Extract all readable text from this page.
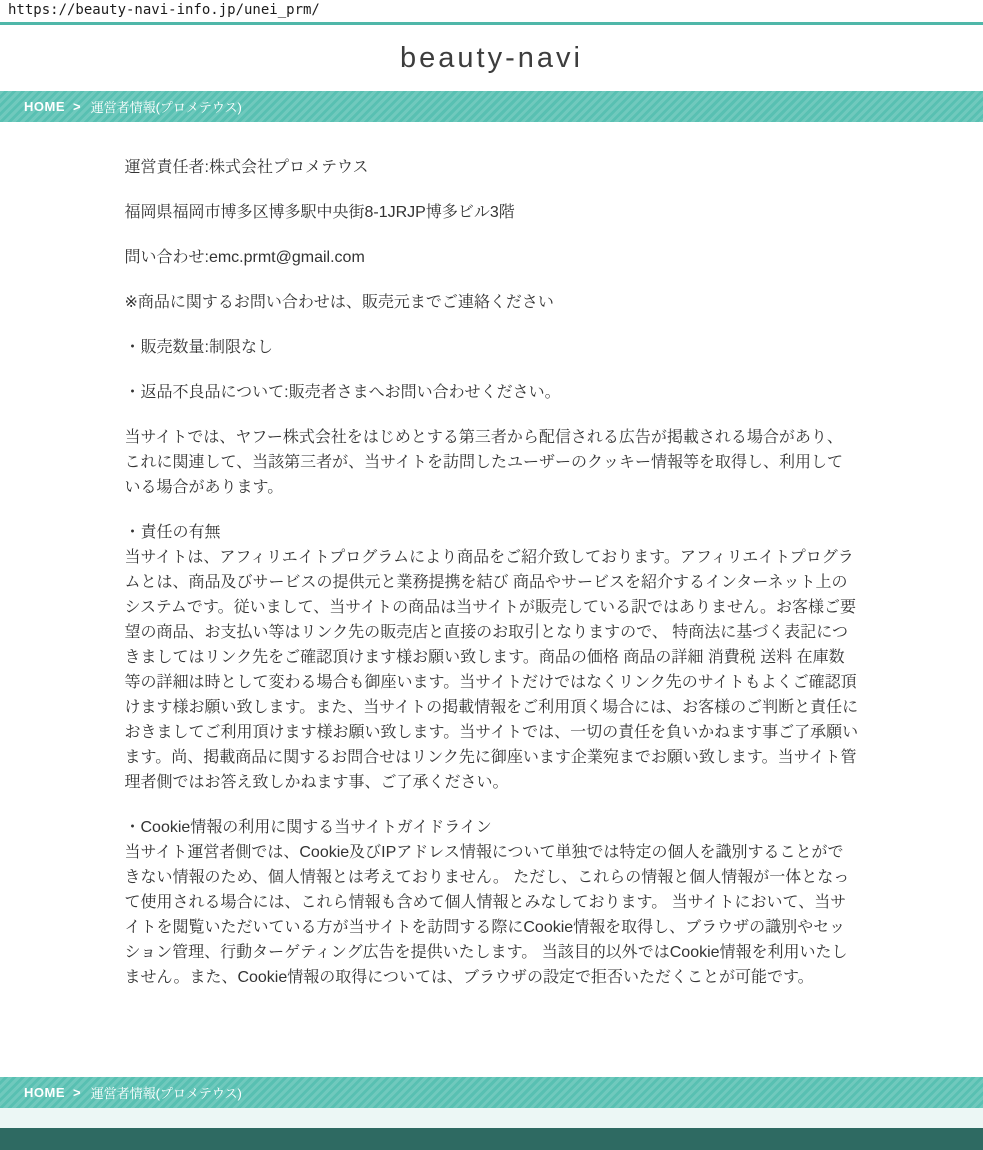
https://beauty-navi-info.jp/unei_prm/
beauty-navi
HOME > 運営者情報(プロメテウス)

運営責任者:株式会社プロメテウス

福岡県福岡市博多区博多駅中央街8-1JRJP博多ビル3階

問い合わせ:emc.prmt@gmail.com

※商品に関するお問い合わせは、販売元までご連絡ください

・販売数量:制限なし

・返品不良品について:販売者さまへお問い合わせください。

当サイトでは、ヤフー株式会社をはじめとする第三者から配信される広告が掲載される場合があり、これに関連して、当該第三者が、当サイトを訪問したユーザーのクッキー情報等を取得し、利用している場合があります。

・責任の有無
当サイトは、アフィリエイトプログラムにより商品をご紹介致しております。アフィリエイトプログラムとは、商品及びサービスの提供元と業務提携を結び 商品やサービスを紹介するインターネット上のシステムです。従いまして、当サイトの商品は当サイトが販売している訳ではありません。お客様ご要望の商品、お支払い等はリンク先の販売店と直接のお取引となりますので、 特商法に基づく表記につきましてはリンク先をご確認頂けます様お願い致します。商品の価格 商品の詳細 消費税 送料 在庫数等の詳細は時として変わる場合も御座います。当サイトだけではなくリンク先のサイトもよくご確認頂けます様お願い致します。また、当サイトの掲載情報をご利用頂く場合には、お客様のご判断と責任におきましてご利用頂けます様お願い致します。当サイトでは、一切の責任を負いかねます事ご了承願います。尚、掲載商品に関するお問合せはリンク先に御座います企業宛までお願い致します。当サイト管理者側ではお答え致しかねます事、ご了承ください。

・Cookie情報の利用に関する当サイトガイドライン
当サイト運営者側では、Cookie及びIPアドレス情報について単独では特定の個人を識別することができない情報のため、個人情報とは考えておりません。 ただし、これらの情報と個人情報が一体となって使用される場合には、これら情報も含めて個人情報とみなしております。 当サイトにおいて、当サイトを閲覧いただいている方が当サイトを訪問する際にCookie情報を取得し、ブラウザの識別やセッション管理、行動ターゲティング広告を提供いたします。 当該目的以外ではCookie情報を利用いたしません。また、Cookie情報の取得については、ブラウザの設定で拒否いただくことが可能です。

HOME > 運営者情報(プロメテウス)
